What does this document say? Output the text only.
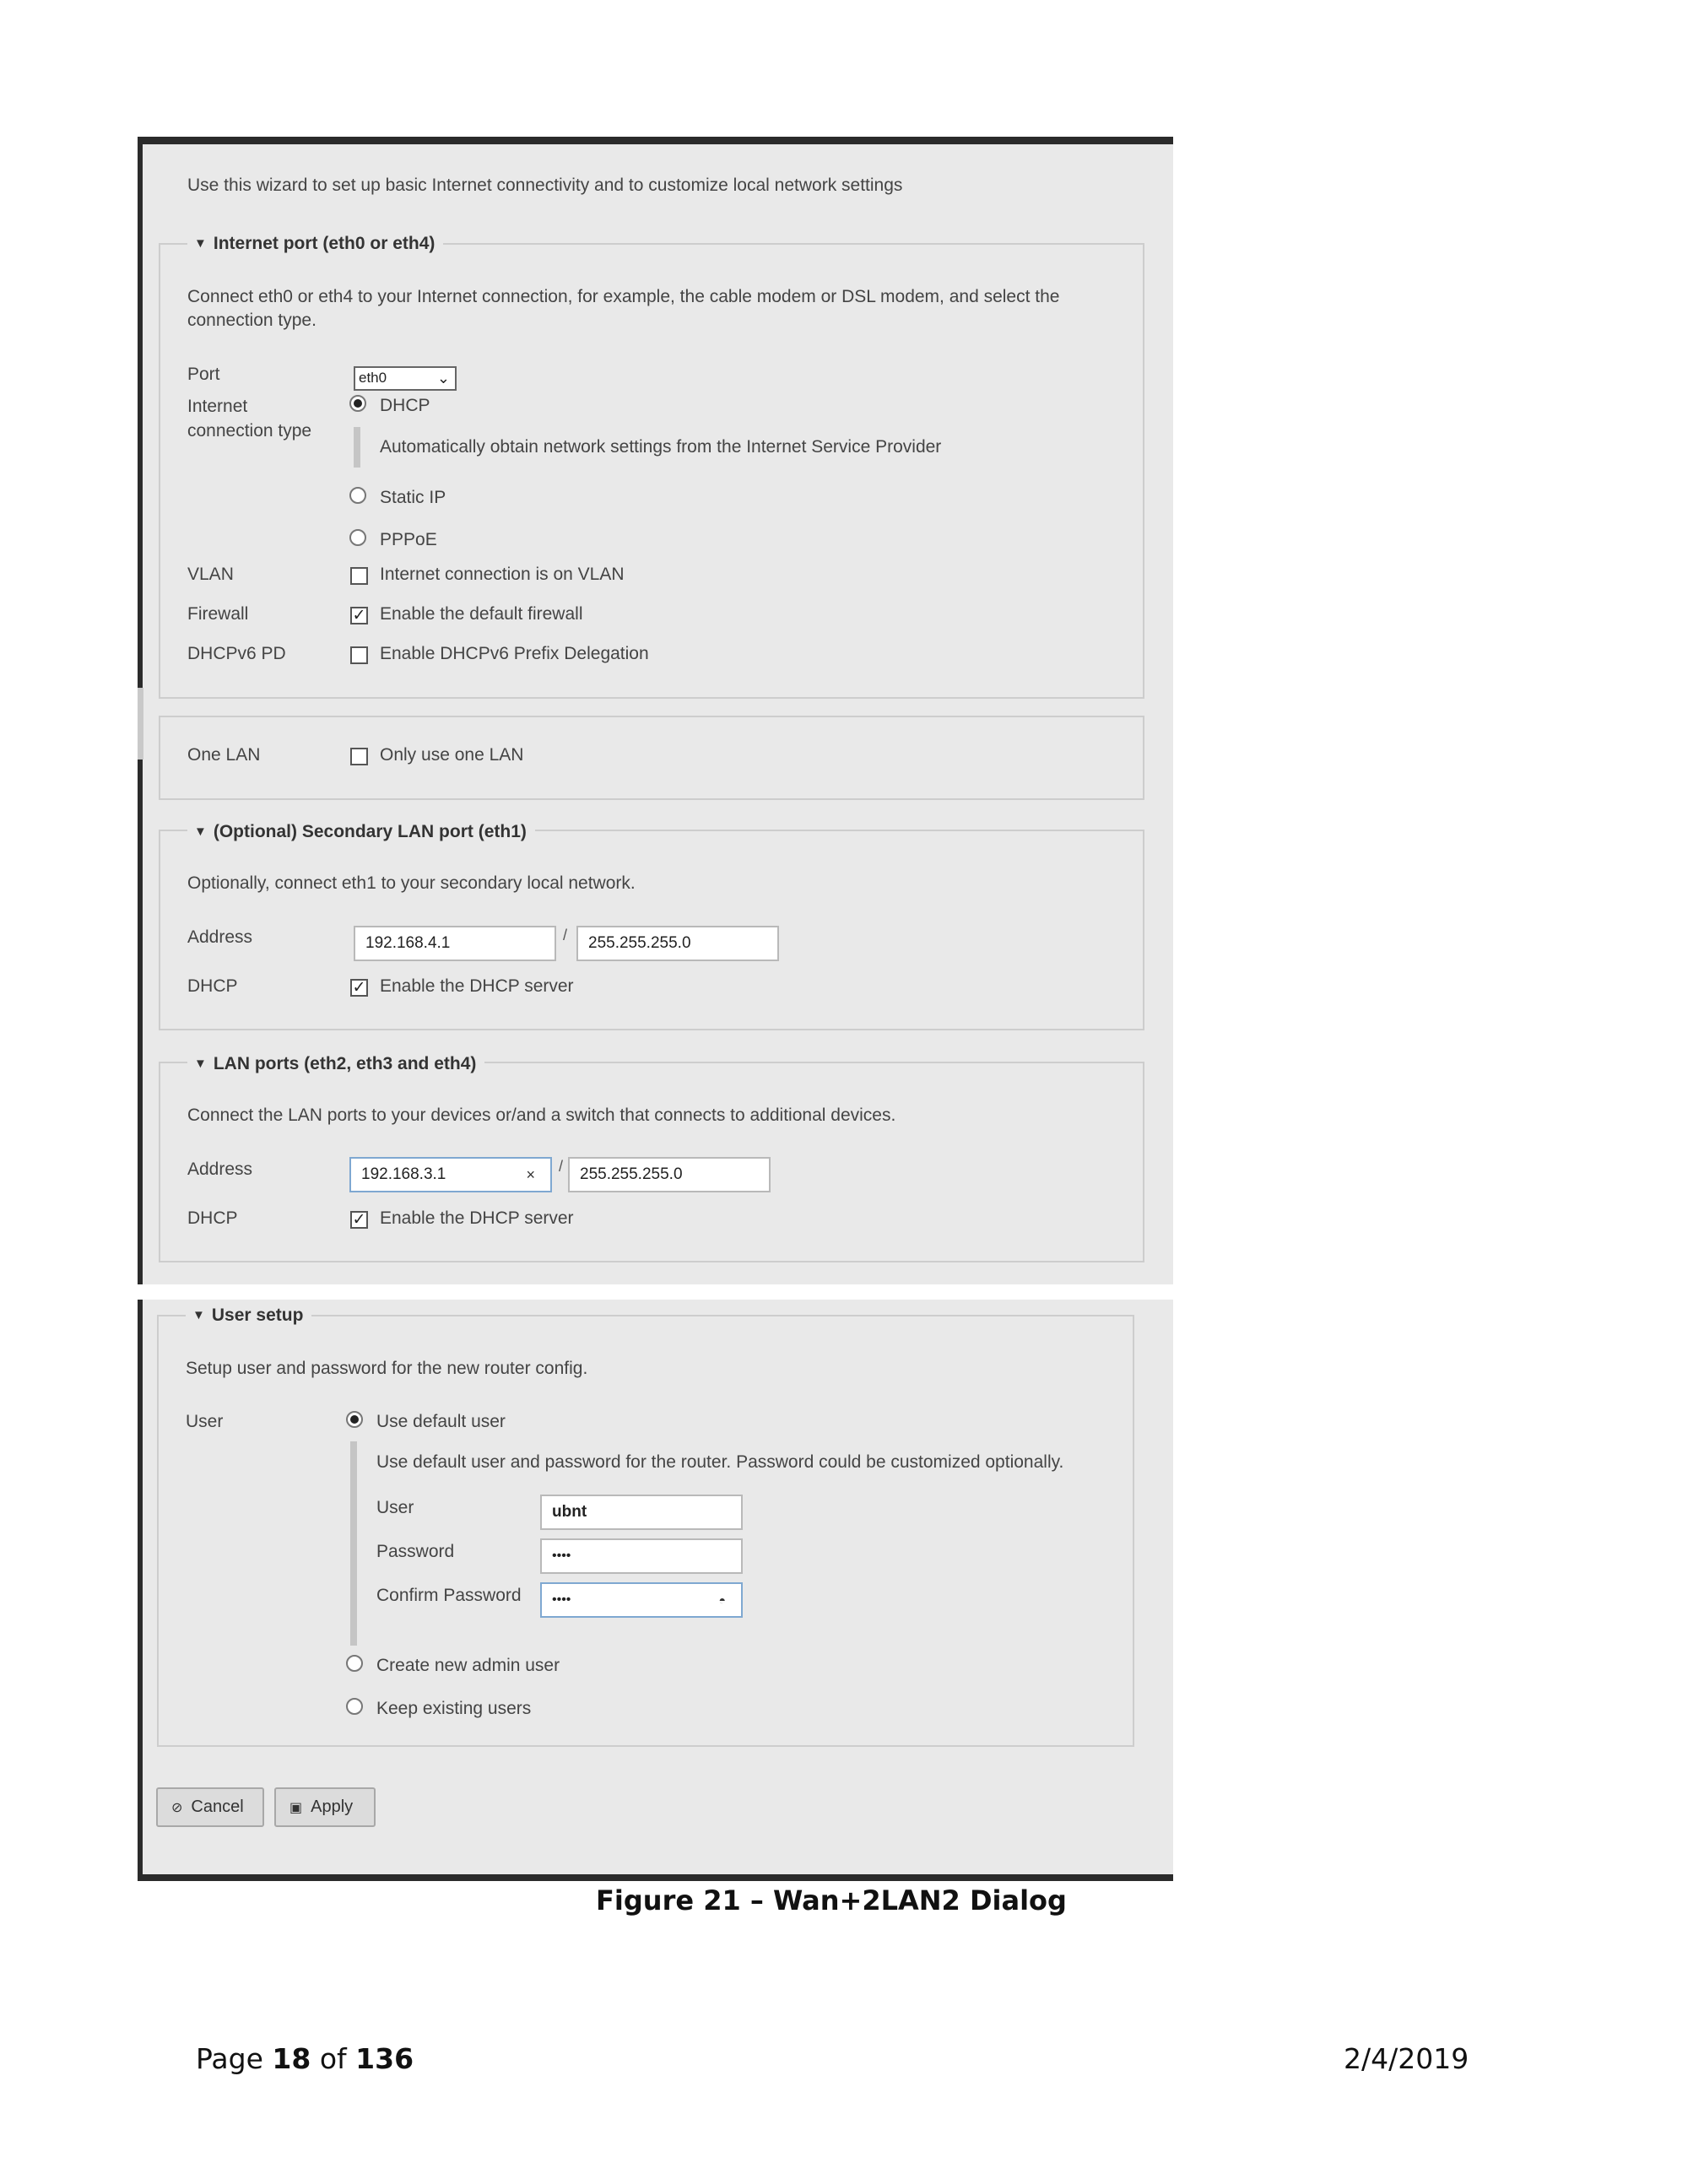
Use this wizard to set up basic Internet connectivity and to customize local network settings
▼ Internet port (eth0 or eth4)
Connect eth0 or eth4 to your Internet connection, for example, the cable modem or DSL modem, and select the connection type.
Port	eth0	⌄
Internet
connection type
DHCP
Automatically obtain network settings from the Internet Service Provider
Static IP
PPPoE
VLAN	Internet connection is on VLAN
Firewall	✓ Enable the default firewall
DHCPv6 PD	Enable DHCPv6 Prefix Delegation
One LAN	Only use one LAN
▼ (Optional) Secondary LAN port (eth1)
Optionally, connect eth1 to your secondary local network.
Address	192.168.4.1	/	255.255.255.0
DHCP	✓ Enable the DHCP server
▼ LAN ports (eth2, eth3 and eth4)
Connect the LAN ports to your devices or/and a switch that connects to additional devices.
Address	192.168.3.1	× /	255.255.255.0
DHCP	✓ Enable the DHCP server
▼ User setup
Setup user and password for the new router config.
User	Use default user
Use default user and password for the router. Password could be customized optionally.
User	ubnt
Password	••••
Confirm Password	••••	◓
Create new admin user
Keep existing users
⊘ Cancel	▣ Apply
Figure 21 – Wan+2LAN2 Dialog
Page 18 of 136	2/4/2019
